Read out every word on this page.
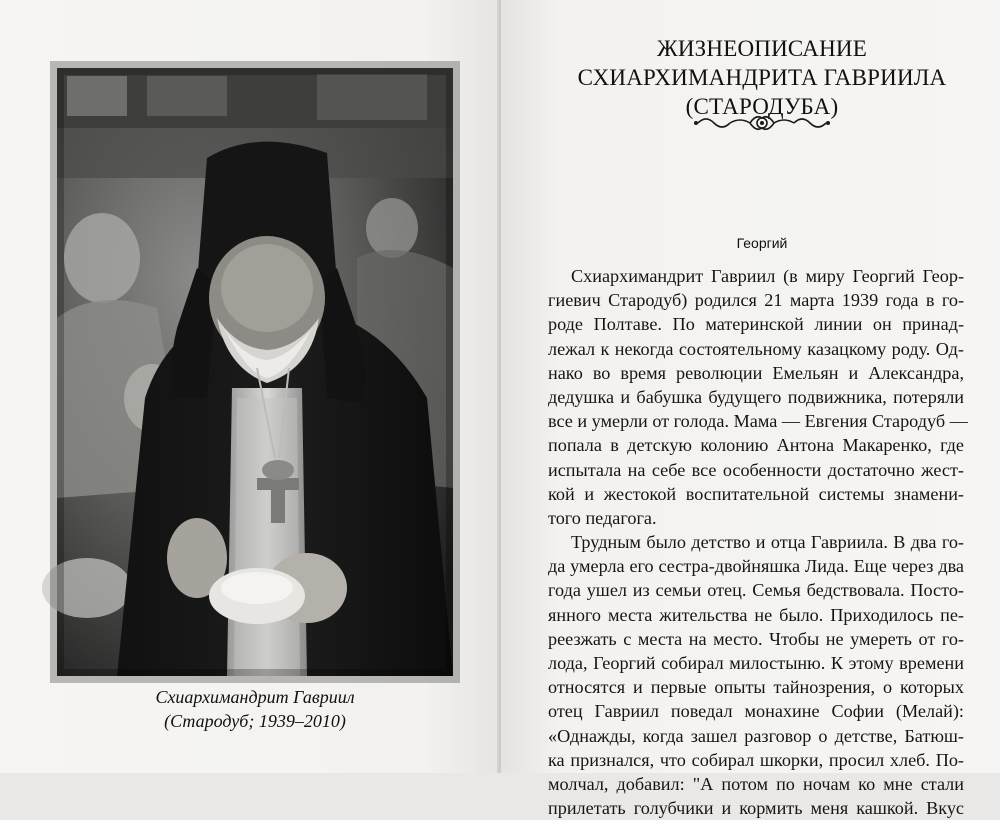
Схиархимандрит Гавриил
(Стародуб; 1939–2010)
ЖИЗНЕОПИСАНИЕ
СХИАРХИМАНДРИТА ГАВРИИЛА
(СТАРОДУБА)
Георгий
Схиархимандрит Гавриил (в миру Георгий Геор-
гиевич Стародуб) родился 21 марта 1939 года в го-
роде Полтаве. По материнской линии он принад-
лежал к некогда состоятельному казацкому роду. Од-
нако во время революции Емельян и Александра,
дедушка и бабушка будущего подвижника, потеряли
все и умерли от голода. Мама — Евгения Стародуб —
попала в детскую колонию Антона Макаренко, где
испытала на себе все особенности достаточно жест-
кой и жестокой воспитательной системы знамени-
того педагога.
Трудным было детство и отца Гавриила. В два го-
да умерла его сестра-двойняшка Лида. Еще через два
года ушел из семьи отец. Семья бедствовала. Посто-
янного места жительства не было. Приходилось пе-
реезжать с места на место. Чтобы не умереть от го-
лода, Георгий собирал милостыню. К этому времени
относятся и первые опыты тайнозрения, о которых
отец Гавриил поведал монахине Софии (Мелай):
«Однажды, когда зашел разговор о детстве, Батюш-
ка признался, что собирал шкорки, просил хлеб. По-
молчал, добавил: "А потом по ночам ко мне стали
прилетать голубчики и кормить меня кашкой. Вкус
